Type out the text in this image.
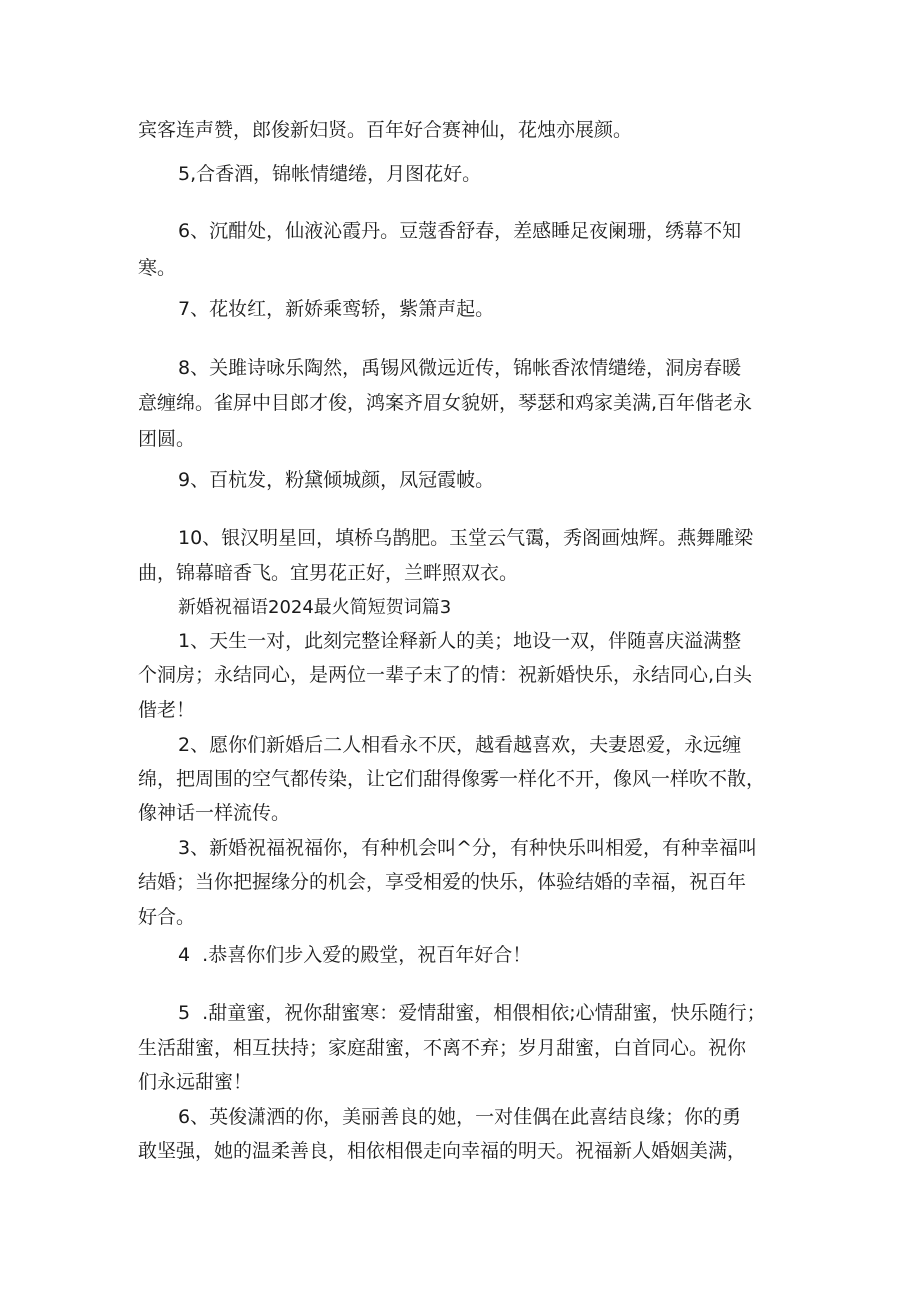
宾客连声赞，郎俊新妇贤。百年好合赛神仙，花烛亦展颜。
5,合香酒，锦帐情缱绻，月图花好。
6、沉酣处，仙液沁霞丹。豆蔻香舒春，差感睡足夜阑珊，绣幕不知
寒。
7、花妆红，新娇乘鸾轿，紫箫声起。
8、关雎诗咏乐陶然，禹锡风微远近传，锦帐香浓情缱绻，洞房春暖
意缠绵。雀屏中目郎才俊，鸿案齐眉女貌妍，琴瑟和鸡家美满,百年偕老永
团圆。
9、百杭发，粉黛倾城颜，凤冠霞帔。
10、银汉明星回，填桥乌鹊肥。玉堂云气霭，秀阁画烛辉。燕舞雕梁
曲，锦幕暗香飞。宜男花正好，兰畔照双衣。
新婚祝福语2024最火简短贺词篇3
1、天生一对，此刻完整诠释新人的美；地设一双，伴随喜庆溢满整
个洞房；永结同心，是两位一辈子末了的情：祝新婚快乐，永结同心,白头
偕老！
2、愿你们新婚后二人相看永不厌，越看越喜欢，夫妻恩爱，永远缠
绵，把周围的空气都传染，让它们甜得像雾一样化不开，像风一样吹不散，
像神话一样流传。
3、新婚祝福祝福你，有种机会叫^分，有种快乐叫相爱，有种幸福叫
结婚；当你把握缘分的机会，享受相爱的快乐，体验结婚的幸福，祝百年
好合。
4  .恭喜你们步入爱的殿堂，祝百年好合！
5  .甜童蜜，祝你甜蜜寒：爱情甜蜜，相偎相依;心情甜蜜，快乐随行；
生活甜蜜，相互扶持；家庭甜蜜，不离不弃；岁月甜蜜，白首同心。祝你
们永远甜蜜！
6、英俊潇洒的你，美丽善良的她，一对佳偶在此喜结良缘；你的勇
敢坚强，她的温柔善良，相依相偎走向幸福的明天。祝福新人婚姻美满，
